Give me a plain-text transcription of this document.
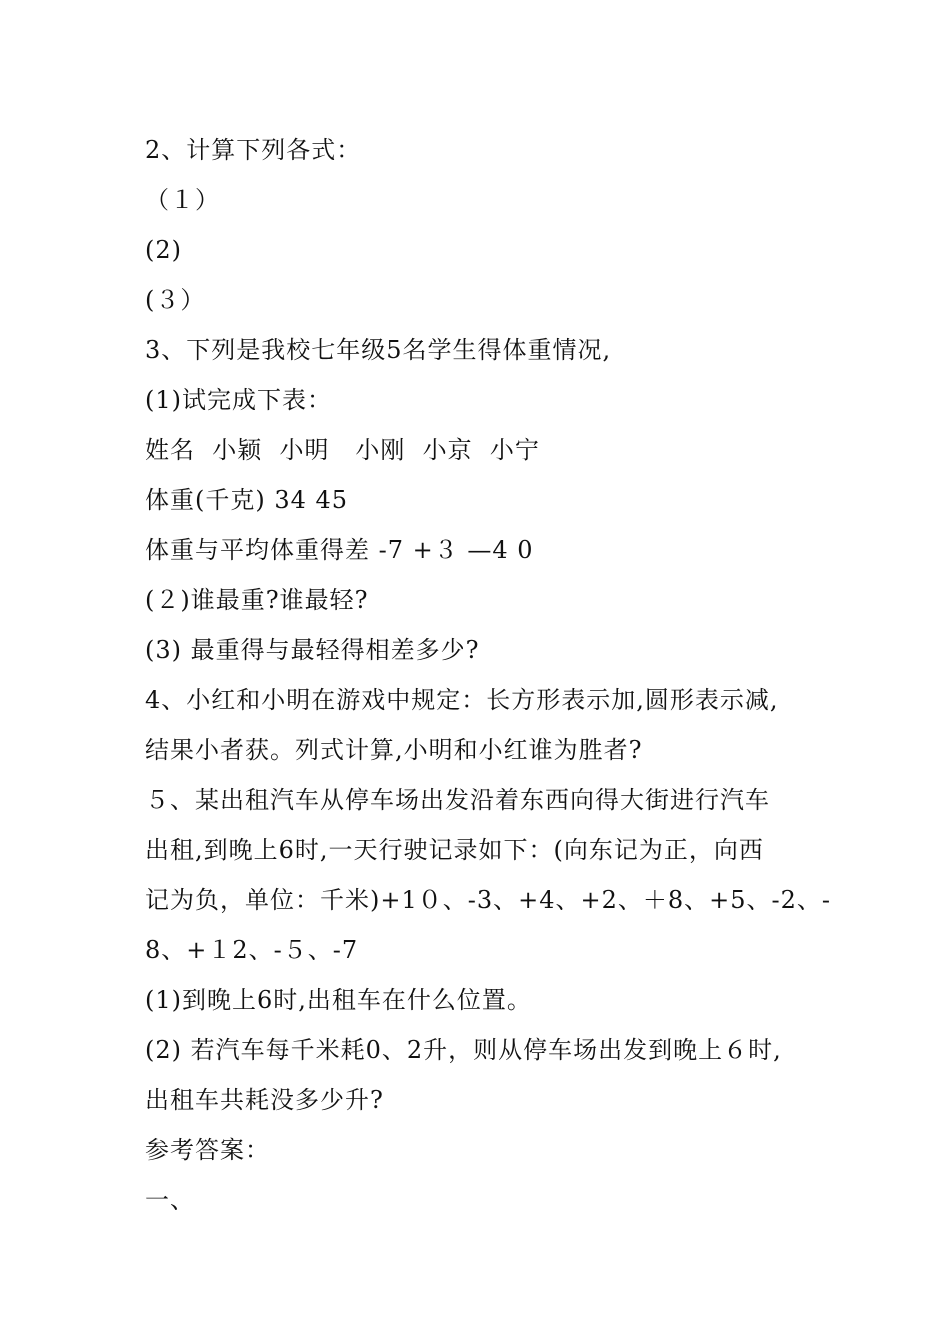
2、计算下列各式：
（１）
(2)
(３）
3、下列是我校七年级5名学生得体重情况,
(1)试完成下表：
姓名  小颖  小明   小刚  小京  小宁
体重(千克) 34 45
体重与平均体重得差 -7 +３ —4 0
(２)谁最重?谁最轻?
(3) 最重得与最轻得相差多少?
4、小红和小明在游戏中规定：长方形表示加,圆形表示减,
结果小者获。列式计算,小明和小红谁为胜者?
５、某出租汽车从停车场出发沿着东西向得大街进行汽车
出租,到晚上6时,一天行驶记录如下：(向东记为正，向西
记为负，单位：千米)+1０、-3、+4、+2、＋8、+5、-2、-
8、+１2、-５、-7
(1)到晚上6时,出租车在什么位置。
(2) 若汽车每千米耗0、2升，则从停车场出发到晚上６时,
出租车共耗没多少升?
参考答案：
一、
